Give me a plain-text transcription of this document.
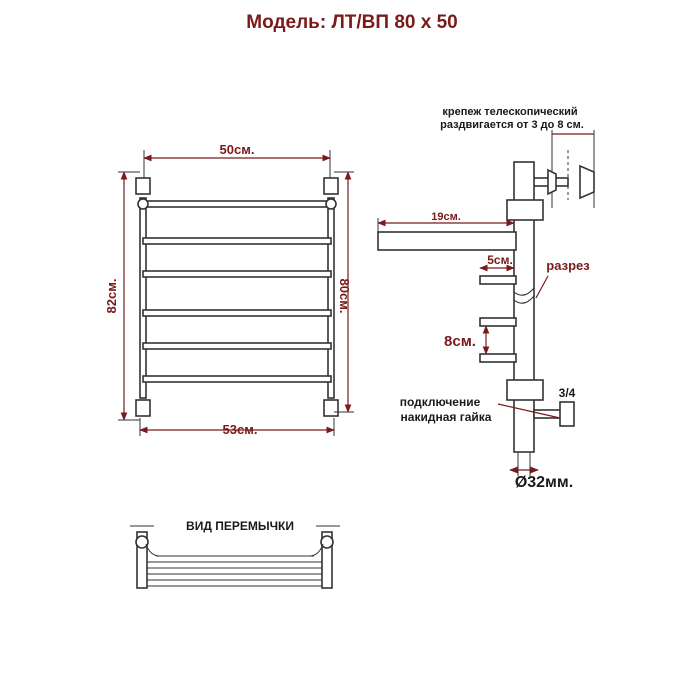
Модель: ЛТ/ВП 80 х 50
50см.
82см.	80см.
53см.
крепеж телескопический
раздвигается от 3 до 8 см.
19см.
5см.	разрез
8см.
подключение
накидная гайка
3/4
Ø32мм.
ВИД ПЕРЕМЫЧКИ
